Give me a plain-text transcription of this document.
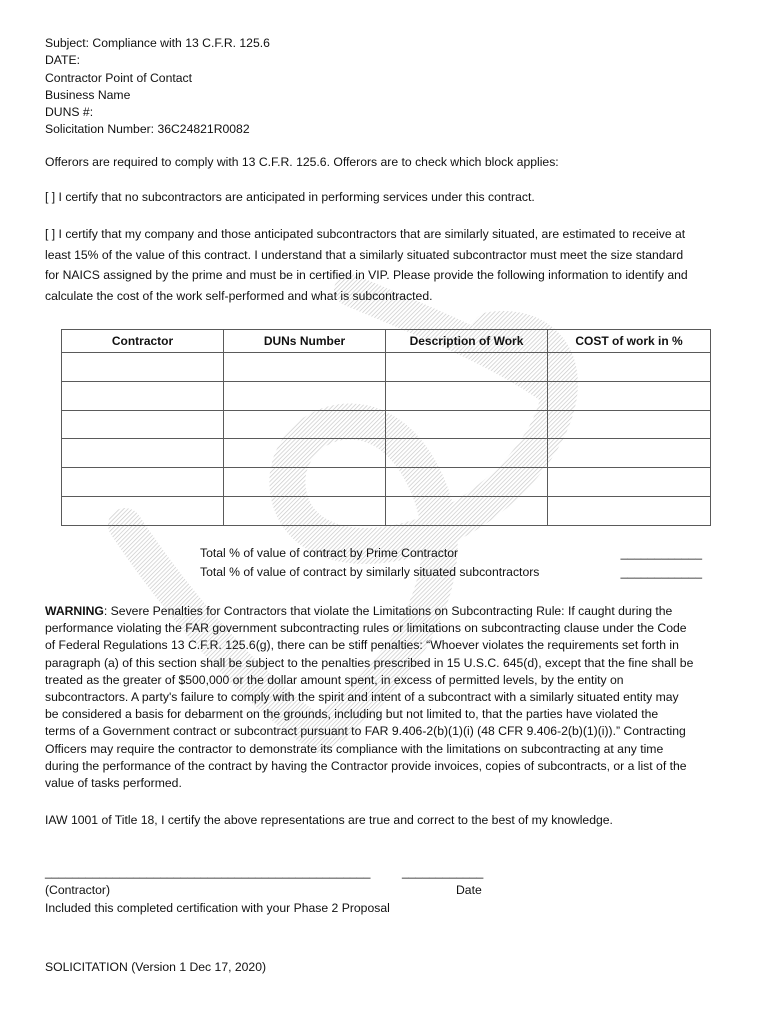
Subject: Compliance with 13 C.F.R. 125.6
DATE:
Contractor Point of Contact
Business Name
DUNS #:
Solicitation Number: 36C24821R0082
Offerors are required to comply with 13 C.F.R. 125.6. Offerors are to check which block applies:
[ ] I certify that no subcontractors are anticipated in performing services under this contract.
[ ] I certify that my company and those anticipated subcontractors that are similarly situated, are estimated to receive at
least 15% of the value of this contract. I understand that a similarly situated subcontractor must meet the size standard
for NAICS assigned by the prime and must be in certified in VIP. Please provide the following information to identify and
calculate the cost of the work self-performed and what is subcontracted.
Contractor	DUNs Number	Description of Work	COST of work in %

Total % of value of contract by Prime Contractor	____________
Total % of value of contract by similarly situated subcontractors	____________
WARNING: Severe Penalties for Contractors that violate the Limitations on Subcontracting Rule: If caught during the
performance violating the FAR government subcontracting rules or limitations on subcontracting clause under the Code
of Federal Regulations 13 C.F.R. 125.6(g), there can be stiff penalties: “Whoever violates the requirements set forth in
paragraph (a) of this section shall be subject to the penalties prescribed in 15 U.S.C. 645(d), except that the fine shall be
treated as the greater of $500,000 or the dollar amount spent, in excess of permitted levels, by the entity on
subcontractors. A party's failure to comply with the spirit and intent of a subcontract with a similarly situated entity may
be considered a basis for debarment on the grounds, including but not limited to, that the parties have violated the
terms of a Government contract or subcontract pursuant to FAR 9.406-2(b)(1)(i) (48 CFR 9.406-2(b)(1)(i)).” Contracting
Officers may require the contractor to demonstrate its compliance with the limitations on subcontracting at any time
during the performance of the contract by having the Contractor provide invoices, copies of subcontracts, or a list of the
value of tasks performed.
IAW 1001 of Title 18, I certify the above representations are true and correct to the best of my knowledge.
________________________________________________	____________
(Contractor)	Date
Included this completed certification with your Phase 2 Proposal
SOLICITATION (Version 1 Dec 17, 2020)
